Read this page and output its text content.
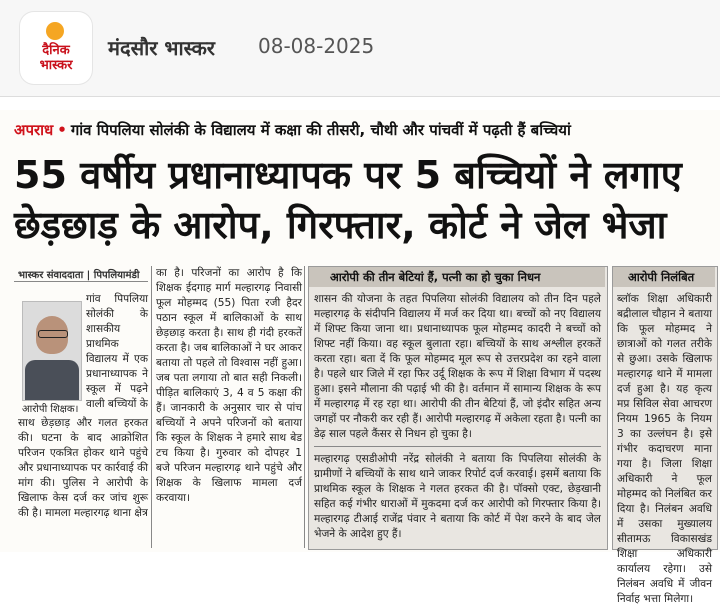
दैनिक
भास्कर
मंदसौर भास्कर 08-08-2025
अपराध • गांव पिपलिया सोलंकी के विद्यालय में कक्षा की तीसरी, चौथी और पांचवीं में पढ़ती हैं बच्चियां
55 वर्षीय प्रधानाध्यापक पर 5 बच्चियों ने लगाए
छेड़छाड़ के आरोप, गिरफ्तार, कोर्ट ने जेल भेजा
भास्कर संवाददाता | पिपलियामंडी
गांव पिपलिया सोलंकी के शासकीय प्राथमिक विद्यालय में एक प्रधानाध्यापक ने स्कूल में पढ़ने वाली बच्चियों के
आरोपी शिक्षक।
साथ छेड़छाड़ और गलत हरकत की। घटना के बाद आक्रोशित परिजन एकत्रित होकर थाने पहुंचे और प्रधानाध्यापक पर कार्रवाई की मांग की। पुलिस ने आरोपी के खिलाफ केस दर्ज कर जांच शुरू की है। मामला मल्हारगढ़ थाना क्षेत्र
का है। परिजनों का आरोप है कि शिक्षक ईदगाह मार्ग मल्हारगढ़ निवासी फूल मोहम्मद (55) पिता रजी हैदर पठान स्कूल में बालिकाओं के साथ छेड़छाड़ करता है। साथ ही गंदी हरकतें करता है। जब बालिकाओं ने घर आकर बताया तो पहले तो विश्वास नहीं हुआ। जब पता लगाया तो बात सही निकली। पीड़ित बालिकाएं 3, 4 व 5 कक्षा की हैं। जानकारी के अनुसार चार से पांच बच्चियों ने अपने परिजनों को बताया कि स्कूल के शिक्षक ने हमारे साथ बेड टच किया है। गुरुवार को दोपहर 1 बजे परिजन मल्हारगढ़ थाने पहुंचे और शिक्षक के खिलाफ मामला दर्ज करवाया।
आरोपी की तीन बेटियां हैं, पत्नी का हो चुका निधन
शासन की योजना के तहत पिपलिया सोलंकी विद्यालय को तीन दिन पहले मल्हारगढ़ के संदीपनि विद्यालय में मर्ज कर दिया था। बच्चों को नए विद्यालय में शिफ्ट किया जाना था। प्रधानाध्यापक फूल मोहम्मद कादरी ने बच्चों को शिफ्ट नहीं किया। वह स्कूल बुलाता रहा। बच्चियों के साथ अश्लील हरकतें करता रहा। बता दें कि फूल मोहम्मद मूल रूप से उत्तरप्रदेश का रहने वाला है। पहले धार जिले में रहा फिर उर्दू शिक्षक के रूप में शिक्षा विभाग में पदस्थ हुआ। इसने मौलाना की पढ़ाई भी की है। वर्तमान में सामान्य शिक्षक के रूप में मल्हारगढ़ में रह रहा था। आरोपी की तीन बेटियां हैं, जो इंदौर सहित अन्य जगहों पर नौकरी कर रही हैं। आरोपी मल्हारगढ़ में अकेला रहता है। पत्नी का डेढ़ साल पहले कैंसर से निधन हो चुका है।
मल्हारगढ़ एसडीओपी नरेंद्र सोलंकी ने बताया कि पिपलिया सोलंकी के ग्रामीणों ने बच्चियों के साथ थाने जाकर रिपोर्ट दर्ज करवाई। इसमें बताया कि प्राथमिक स्कूल के शिक्षक ने गलत हरकत की है। पॉक्सो एक्ट, छेड़खानी सहित कई गंभीर धाराओं में मुकदमा दर्ज कर आरोपी को गिरफ्तार किया है। मल्हारगढ़ टीआई राजेंद्र पंवार ने बताया कि कोर्ट में पेश करने के बाद जेल भेजने के आदेश हुए हैं।
आरोपी निलंबित
ब्लॉक शिक्षा अधिकारी बद्रीलाल चौहान ने बताया कि फूल मोहम्मद ने छात्राओं को गलत तरीके से छुआ। उसके खिलाफ मल्हारगढ़ थाने में मामला दर्ज हुआ है। यह कृत्य मप्र सिविल सेवा आचरण नियम 1965 के नियम 3 का उल्लंघन है। इसे गंभीर कदाचरण माना गया है। जिला शिक्षा अधिकारी ने फूल मोहम्मद को निलंबित कर दिया है। निलंबन अवधि में उसका मुख्यालय सीतामऊ विकासखंड शिक्षा अधिकारी कार्यालय रहेगा। उसे निलंबन अवधि में जीवन निर्वाह भत्ता मिलेगा।
